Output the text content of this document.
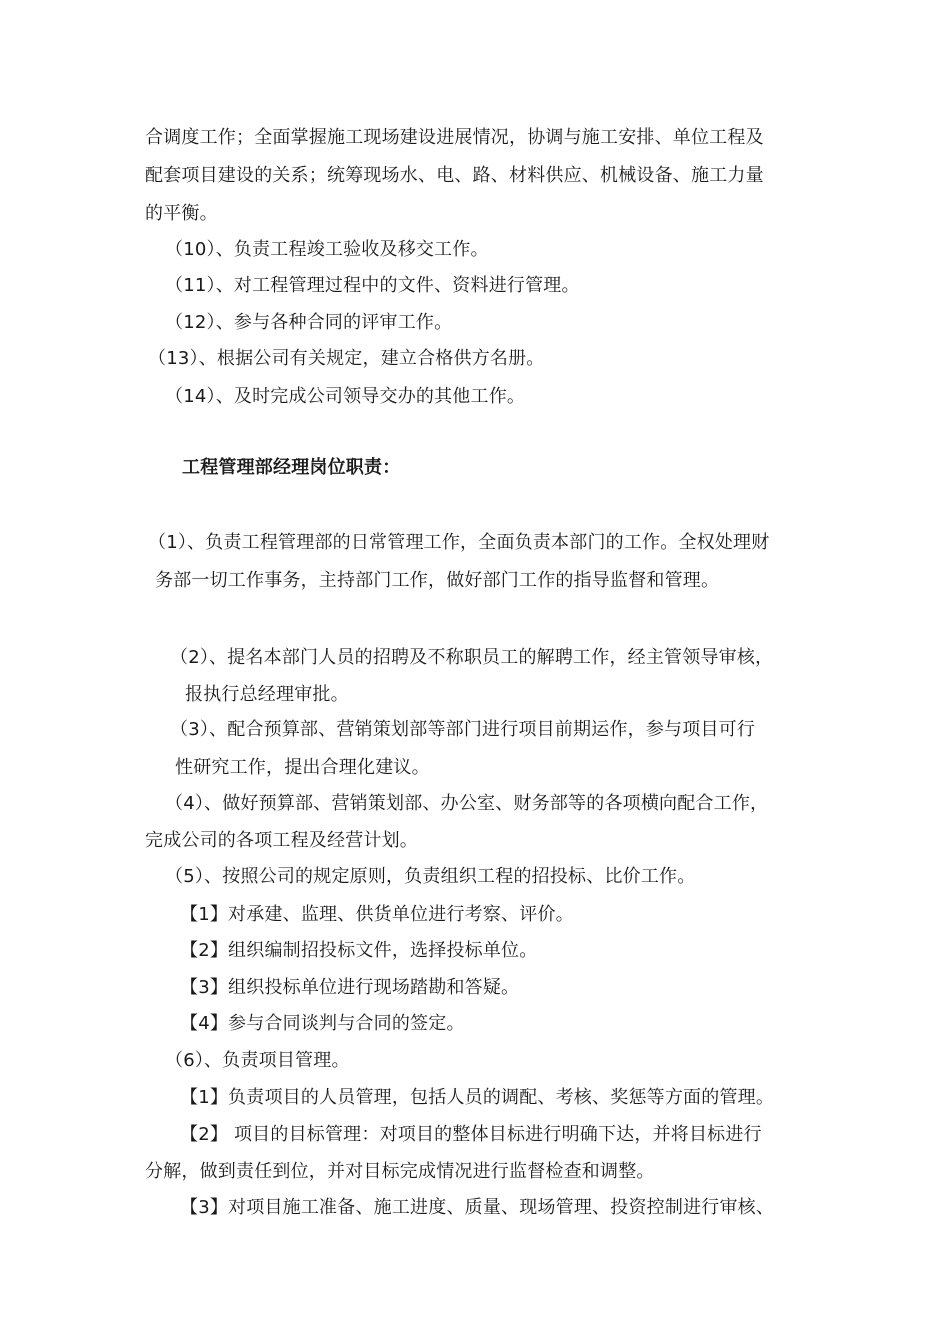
合调度工作；全面掌握施工现场建设进展情况，协调与施工安排、单位工程及
配套项目建设的关系；统筹现场水、电、路、材料供应、机械设备、施工力量
的平衡。
（10）、负责工程竣工验收及移交工作。
（11）、对工程管理过程中的文件、资料进行管理。
（12）、参与各种合同的评审工作。
（13）、根据公司有关规定，建立合格供方名册。
（14）、及时完成公司领导交办的其他工作。
工程管理部经理岗位职责：
（1）、负责工程管理部的日常管理工作，全面负责本部门的工作。全权处理财
务部一切工作事务，主持部门工作，做好部门工作的指导监督和管理。
（2）、提名本部门人员的招聘及不称职员工的解聘工作，经主管领导审核，
报执行总经理审批。
（3）、配合预算部、营销策划部等部门进行项目前期运作，参与项目可行
性研究工作，提出合理化建议。
（4）、做好预算部、营销策划部、办公室、财务部等的各项横向配合工作，
完成公司的各项工程及经营计划。
（5）、按照公司的规定原则，负责组织工程的招投标、比价工作。
【1】对承建、监理、供货单位进行考察、评价。
【2】组织编制招投标文件，选择投标单位。
【3】组织投标单位进行现场踏勘和答疑。
【4】参与合同谈判与合同的签定。
（6）、负责项目管理。
【1】负责项目的人员管理，包括人员的调配、考核、奖惩等方面的管理。
【2】 项目的目标管理：对项目的整体目标进行明确下达，并将目标进行
分解，做到责任到位，并对目标完成情况进行监督检查和调整。
【3】对项目施工准备、施工进度、质量、现场管理、投资控制进行审核、
